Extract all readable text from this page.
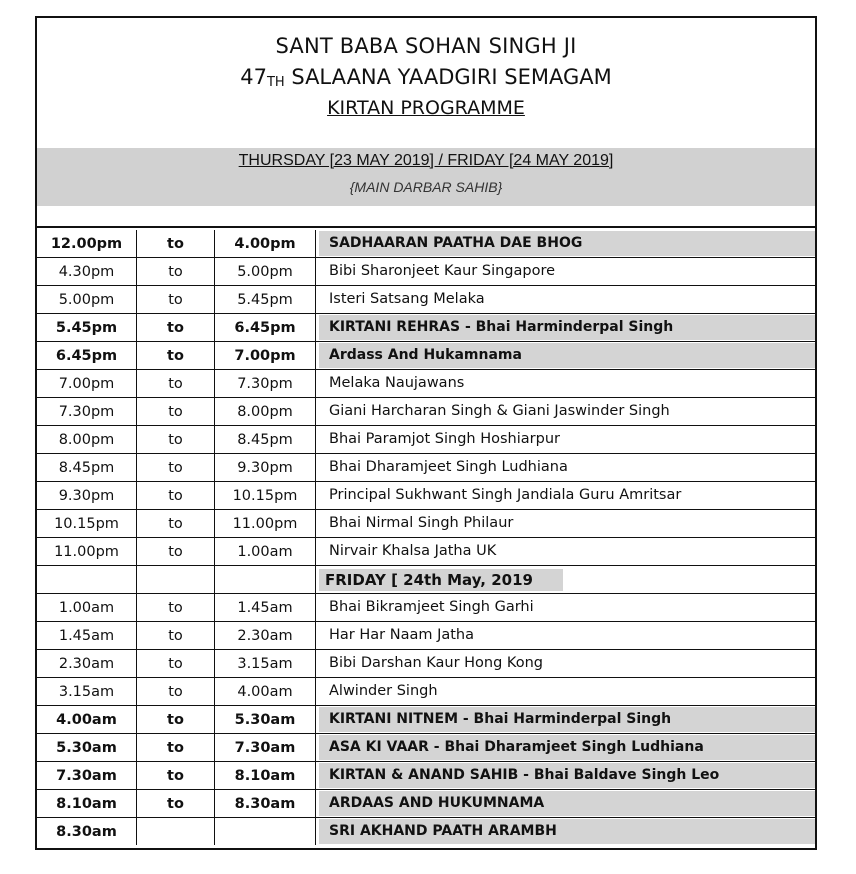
SANT BABA SOHAN SINGH JI
47TH SALAANA YAADGIRI SEMAGAM
KIRTAN PROGRAMME
THURSDAY [23 MAY 2019] / FRIDAY [24 MAY 2019]
{MAIN DARBAR SAHIB}
12.00pm	to	4.00pm	SADHAARAN PAATHA DAE BHOG

4.30pm	to	5.00pm	Bibi Sharonjeet Kaur Singapore

5.00pm	to	5.45pm	Isteri Satsang Melaka

5.45pm	to	6.45pm	KIRTANI REHRAS - Bhai Harminderpal Singh

6.45pm	to	7.00pm	Ardass And Hukamnama

7.00pm	to	7.30pm	Melaka Naujawans

7.30pm	to	8.00pm	Giani Harcharan Singh & Giani Jaswinder Singh

8.00pm	to	8.45pm	Bhai Paramjot Singh Hoshiarpur

8.45pm	to	9.30pm	Bhai Dharamjeet Singh Ludhiana

9.30pm	to	10.15pm	Principal Sukhwant Singh Jandiala Guru Amritsar

10.15pm	to	11.00pm	Bhai Nirmal Singh Philaur

11.00pm	to	1.00am	Nirvair Khalsa Jatha UK

			FRIDAY [ 24th May, 2019
1.00am	to	1.45am	Bhai Bikramjeet Singh Garhi

1.45am	to	2.30am	Har Har Naam Jatha

2.30am	to	3.15am	Bibi Darshan Kaur Hong Kong

3.15am	to	4.00am	Alwinder Singh

4.00am	to	5.30am	KIRTANI NITNEM - Bhai Harminderpal Singh

5.30am	to	7.30am	ASA KI VAAR - Bhai Dharamjeet Singh Ludhiana

7.30am	to	8.10am	KIRTAN & ANAND SAHIB - Bhai Baldave Singh Leo

8.10am	to	8.30am	ARDAAS AND HUKUMNAMA

8.30am			SRI AKHAND PAATH ARAMBH
